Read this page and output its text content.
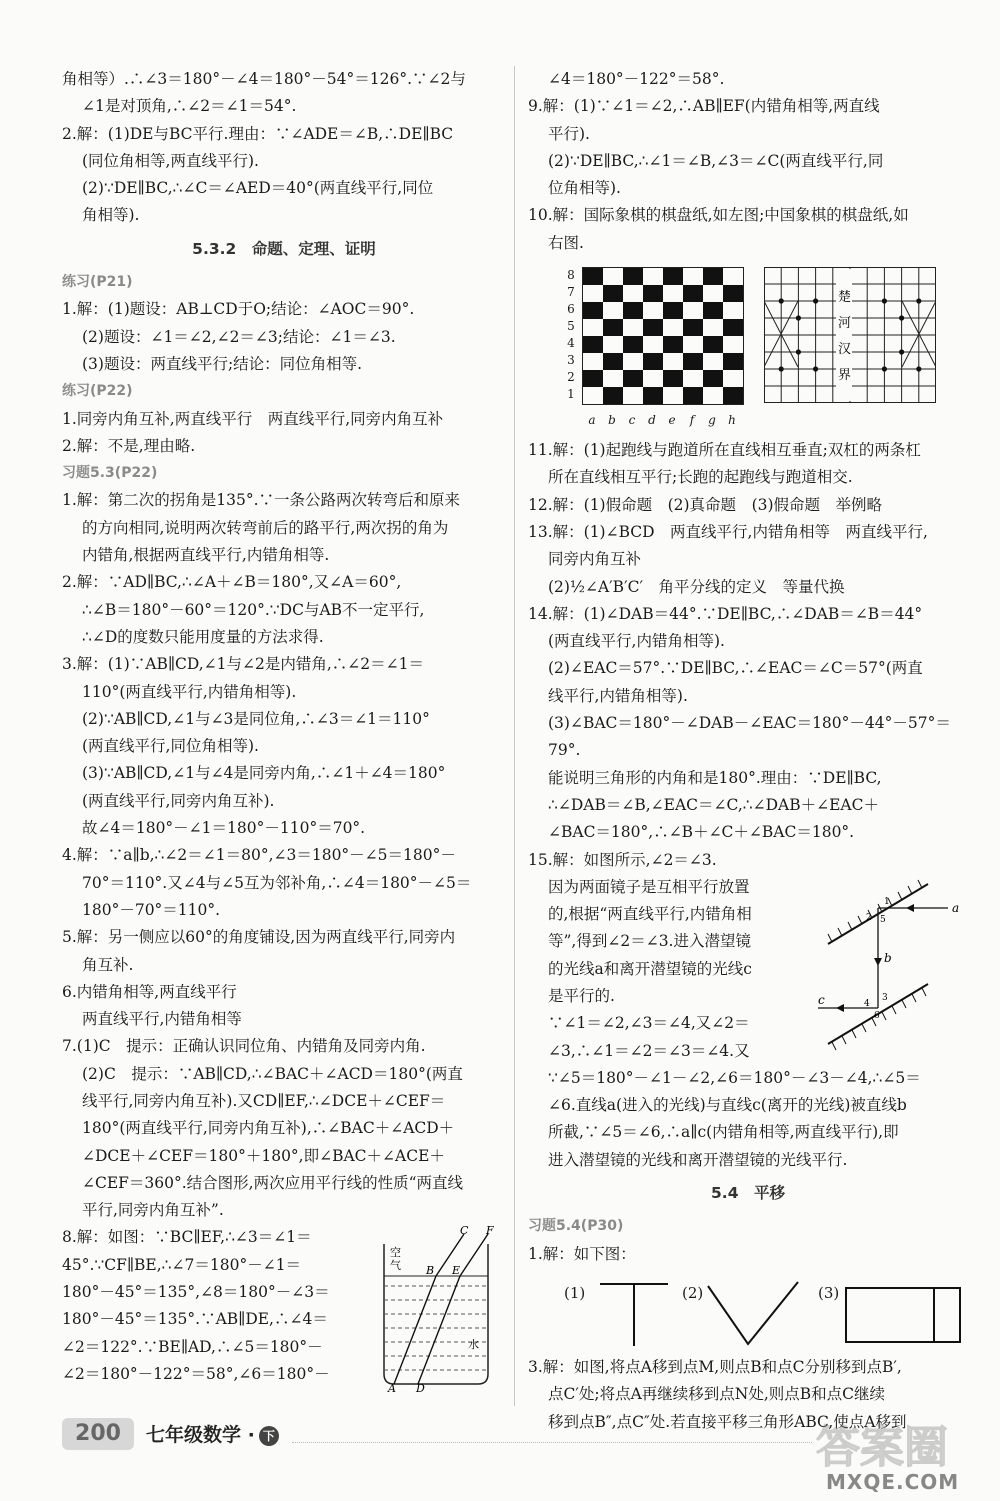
角相等）.∴∠3＝180°－∠4＝180°－54°＝126°.∵∠2与
∠1是对顶角,∴∠2＝∠1＝54°.
2.解：(1)DE与BC平行.理由：∵∠ADE＝∠B,∴DE∥BC
(同位角相等,两直线平行).
(2)∵DE∥BC,∴∠C＝∠AED＝40°(两直线平行,同位
角相等).
5.3.2　命题、定理、证明
练习(P21)
1.解：(1)题设：AB⊥CD于O;结论：∠AOC＝90°.
(2)题设：∠1＝∠2,∠2＝∠3;结论：∠1＝∠3.
(3)题设：两直线平行;结论：同位角相等.
练习(P22)
1.同旁内角互补,两直线平行　两直线平行,同旁内角互补
2.解：不是,理由略.
习题5.3(P22)
1.解：第二次的拐角是135°.∵一条公路两次转弯后和原来
的方向相同,说明两次转弯前后的路平行,两次拐的角为
内错角,根据两直线平行,内错角相等.
2.解：∵AD∥BC,∴∠A＋∠B＝180°,又∠A＝60°,
∴∠B＝180°－60°＝120°.∵DC与AB不一定平行,
∴∠D的度数只能用度量的方法求得.
3.解：(1)∵AB∥CD,∠1与∠2是内错角,∴∠2＝∠1＝
110°(两直线平行,内错角相等).
(2)∵AB∥CD,∠1与∠3是同位角,∴∠3＝∠1＝110°
(两直线平行,同位角相等).
(3)∵AB∥CD,∠1与∠4是同旁内角,∴∠1＋∠4＝180°
(两直线平行,同旁内角互补).
故∠4＝180°－∠1＝180°－110°＝70°.
4.解：∵a∥b,∴∠2＝∠1＝80°,∠3＝180°－∠5＝180°－
70°＝110°.又∠4与∠5互为邻补角,∴∠4＝180°－∠5＝
180°－70°＝110°.
5.解：另一侧应以60°的角度铺设,因为两直线平行,同旁内
角互补.
6.内错角相等,两直线平行
两直线平行,内错角相等
7.(1)C　提示：正确认识同位角、内错角及同旁内角.
(2)C　提示：∵AB∥CD,∴∠BAC＋∠ACD＝180°(两直
线平行,同旁内角互补).又CD∥EF,∴∠DCE＋∠CEF＝
180°(两直线平行,同旁内角互补),∴∠BAC＋∠ACD＋
∠DCE＋∠CEF＝180°＋180°,即∠BAC＋∠ACE＋
∠CEF＝360°.结合图形,两次应用平行线的性质“两直线
平行,同旁内角互补”.
8.解：如图：∵BC∥EF,∴∠3＝∠1＝
45°.∵CF∥BE,∴∠7＝180°－∠1＝
180°－45°＝135°,∠8＝180°－∠3＝
180°－45°＝135°.∵AB∥DE,∴∠4＝
∠2＝122°.∵BE∥AD,∴∠5＝180°－
∠2＝180°－122°＝58°,∠6＝180°－
C F
B E
A D
空
气
水
∠4＝180°－122°＝58°.
9.解：(1)∵∠1＝∠2,∴AB∥EF(内错角相等,两直线
平行).
(2)∵DE∥BC,∴∠1＝∠B,∠3＝∠C(两直线平行,同
位角相等).
10.解：国际象棋的棋盘纸,如左图;中国象棋的棋盘纸,如
右图.
8
7
6
5
4
3
2
1
a	b	c	d	e	f	g	h
楚
河
汉
界
11.解：(1)起跑线与跑道所在直线相互垂直;双杠的两条杠
所在直线相互平行;长跑的起跑线与跑道相交.
12.解：(1)假命题　(2)真命题　(3)假命题　举例略
13.解：(1)∠BCD　两直线平行,内错角相等　两直线平行,
同旁内角互补
(2)½∠A′B′C′　角平分线的定义　等量代换
14.解：(1)∠DAB＝44°.∵DE∥BC,∴∠DAB＝∠B＝44°
(两直线平行,内错角相等).
(2)∠EAC＝57°.∵DE∥BC,∴∠EAC＝∠C＝57°(两直
线平行,内错角相等).
(3)∠BAC＝180°－∠DAB－∠EAC＝180°－44°－57°＝79°.
能说明三角形的内角和是180°.理由：∵DE∥BC,
∴∠DAB＝∠B,∠EAC＝∠C,∴∠DAB＋∠EAC＋
∠BAC＝180°,∴∠B＋∠C＋∠BAC＝180°.
15.解：如图所示,∠2＝∠3.
因为两面镜子是互相平行放置
的,根据“两直线平行,内错角相
等”,得到∠2＝∠3.进入潜望镜
的光线a和离开潜望镜的光线c
是平行的.
∵∠1＝∠2,∠3＝∠4,又∠2＝
∠3,∴∠1＝∠2＝∠3＝∠4.又
1
2 5
3
4
6
a
b
c
∵∠5＝180°－∠1－∠2,∠6＝180°－∠3－∠4,∴∠5＝
∠6.直线a(进入的光线)与直线c(离开的光线)被直线b
所截,∵∠5＝∠6,∴a∥c(内错角相等,两直线平行),即
进入潜望镜的光线和离开潜望镜的光线平行.
5.4　平移
习题5.4(P30)
1.解：如下图：
(1)	(2)	(3)
3.解：如图,将点A移到点M,则点B和点C分别移到点B′,
点C′处;将点A再继续移到点N处,则点B和点C继续
移到点B″,点C″处.若直接平移三角形ABC,使点A移到
200	七年级数学 · 下	答案圈
MXQE.COM
